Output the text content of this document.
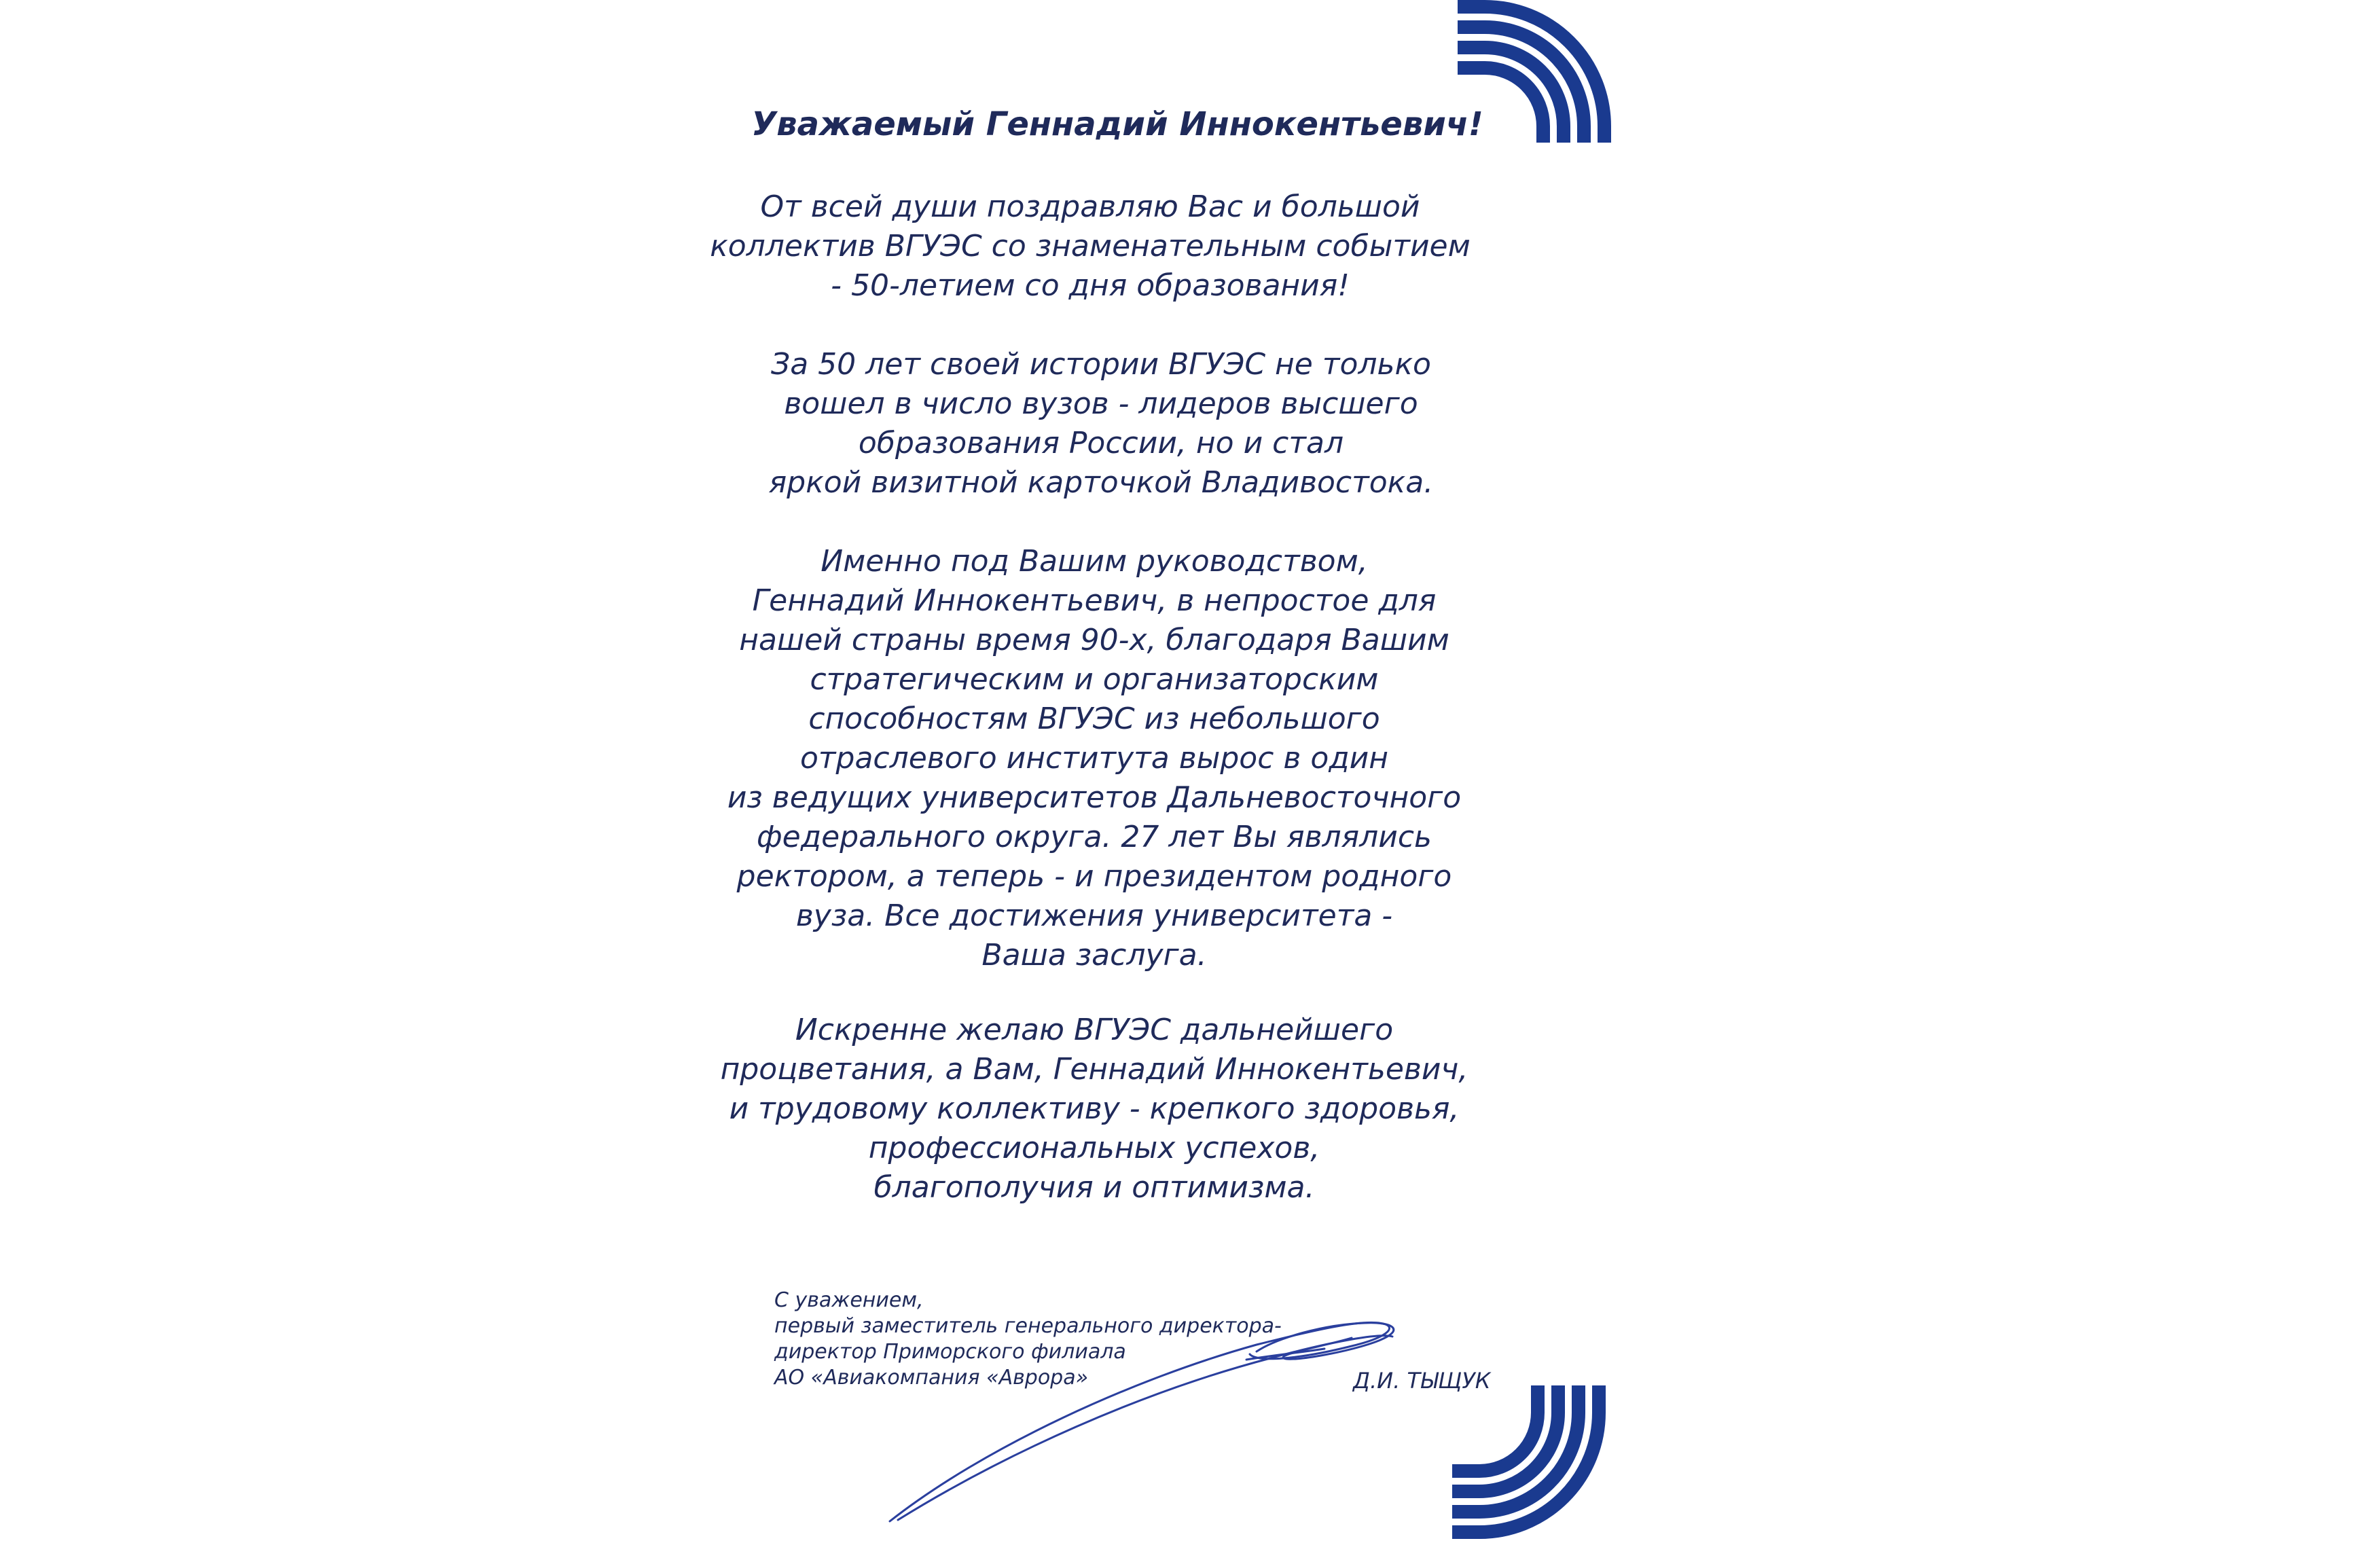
Уважаемый Геннадий Иннокентьевич!

От всей души поздравляю Вас и большой
коллектив ВГУЭС со знаменательным событием
- 50-летием со дня образования!

За 50 лет своей истории ВГУЭС не только
вошел в число вузов - лидеров высшего
образования России, но и стал
яркой визитной карточкой Владивостока.

Именно под Вашим руководством,
Геннадий Иннокентьевич, в непростое для
нашей страны время 90-х, благодаря Вашим
стратегическим и организаторским
способностям ВГУЭС из небольшого
отраслевого института вырос в один
из ведущих университетов Дальневосточного
федерального округа. 27 лет Вы являлись
ректором, а теперь - и президентом родного
вуза. Все достижения университета -
Ваша заслуга.

Искренне желаю ВГУЭС дальнейшего
процветания, а Вам, Геннадий Иннокентьевич,
и трудовому коллективу - крепкого здоровья,
профессиональных успехов,
благополучия и оптимизма.

С уважением,
первый заместитель генерального директора-
директор Приморского филиала
АО «Авиакомпания «Аврора»	Д.И. ТЫЩУК
